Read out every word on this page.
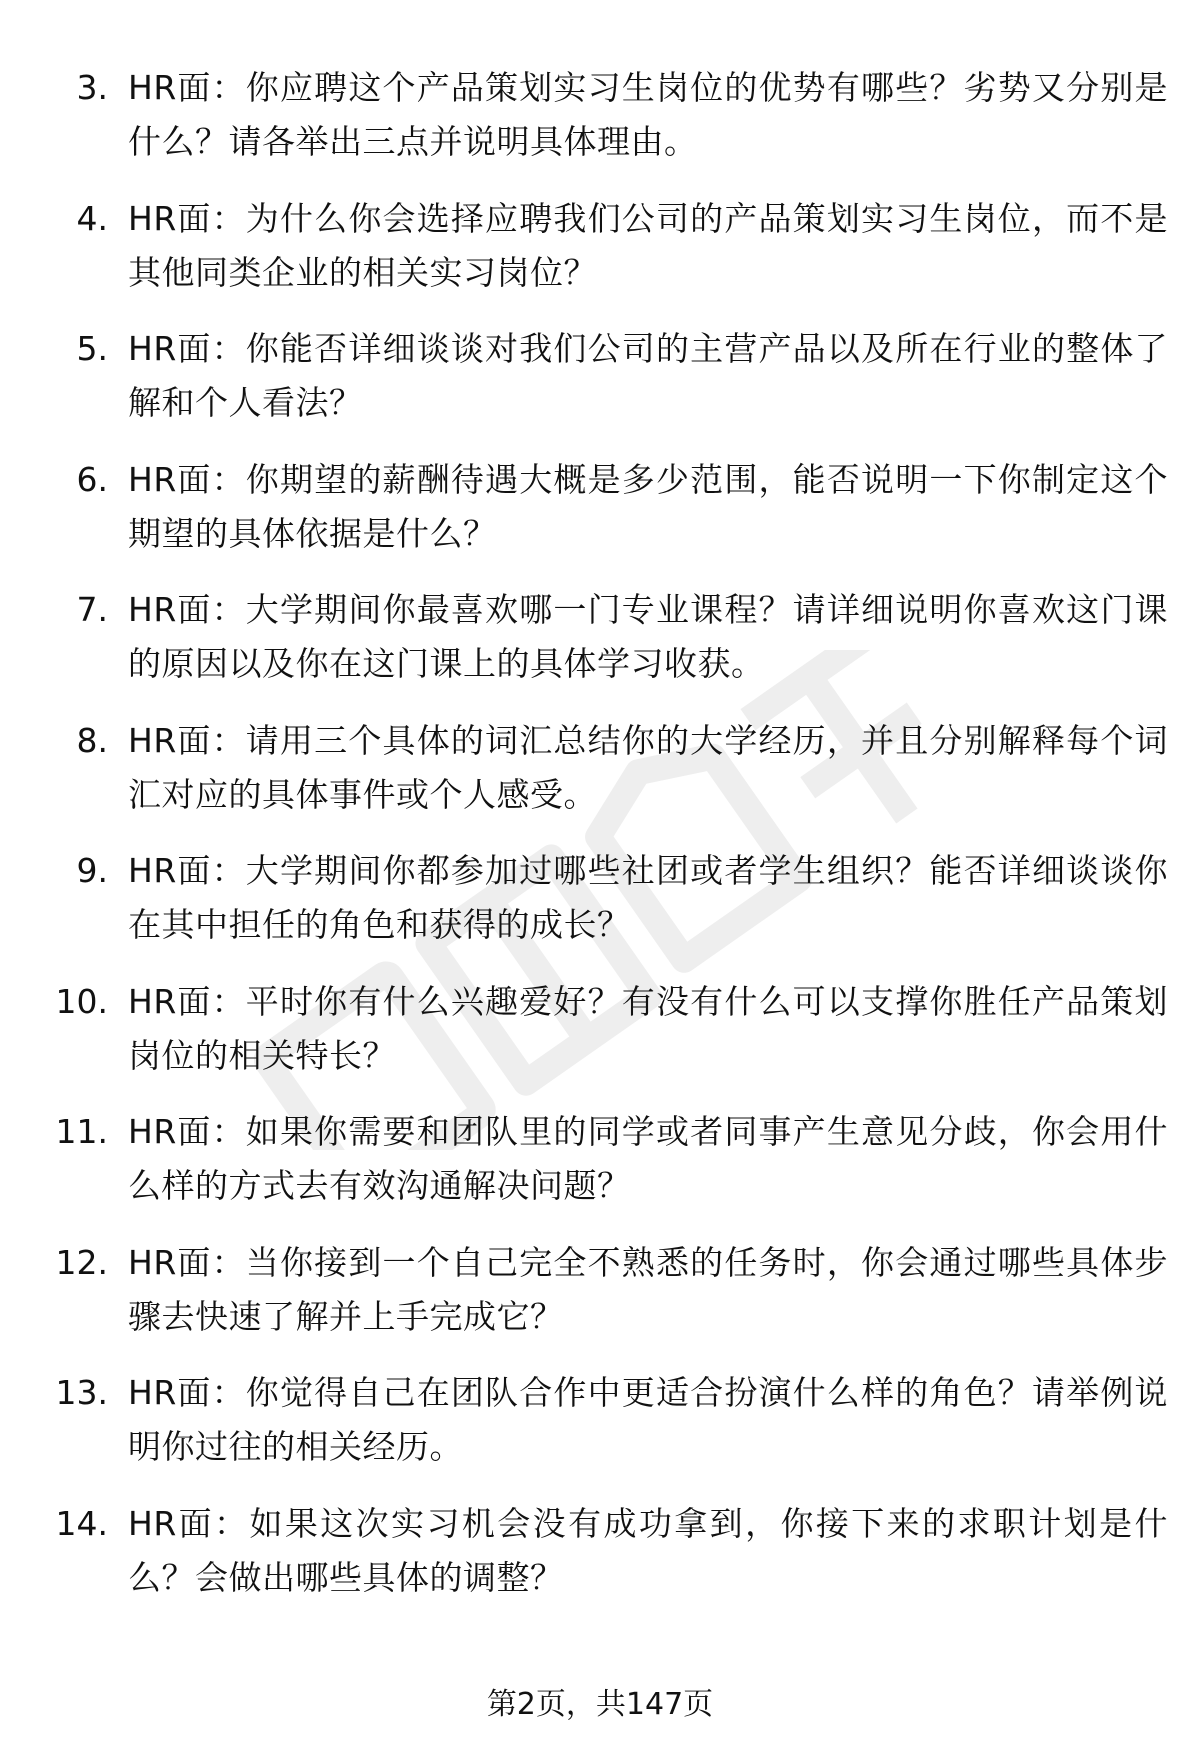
3. HR面：你应聘这个产品策划实习生岗位的优势有哪些？劣势又分别是什么？请各举出三点并说明具体理由。
4. HR面：为什么你会选择应聘我们公司的产品策划实习生岗位，而不是其他同类企业的相关实习岗位？
5. HR面：你能否详细谈谈对我们公司的主营产品以及所在行业的整体了解和个人看法？
6. HR面：你期望的薪酬待遇大概是多少范围，能否说明一下你制定这个期望的具体依据是什么？
7. HR面：大学期间你最喜欢哪一门专业课程？请详细说明你喜欢这门课的原因以及你在这门课上的具体学习收获。
8. HR面：请用三个具体的词汇总结你的大学经历，并且分别解释每个词汇对应的具体事件或个人感受。
9. HR面：大学期间你都参加过哪些社团或者学生组织？能否详细谈谈你在其中担任的角色和获得的成长？
10. HR面：平时你有什么兴趣爱好？有没有什么可以支撑你胜任产品策划岗位的相关特长？
11. HR面：如果你需要和团队里的同学或者同事产生意见分歧，你会用什么样的方式去有效沟通解决问题？
12. HR面：当你接到一个自己完全不熟悉的任务时，你会通过哪些具体步骤去快速了解并上手完成它？
13. HR面：你觉得自己在团队合作中更适合扮演什么样的角色？请举例说明你过往的相关经历。
14. HR面：如果这次实习机会没有成功拿到，你接下来的求职计划是什么？会做出哪些具体的调整？
第2页，共147页
